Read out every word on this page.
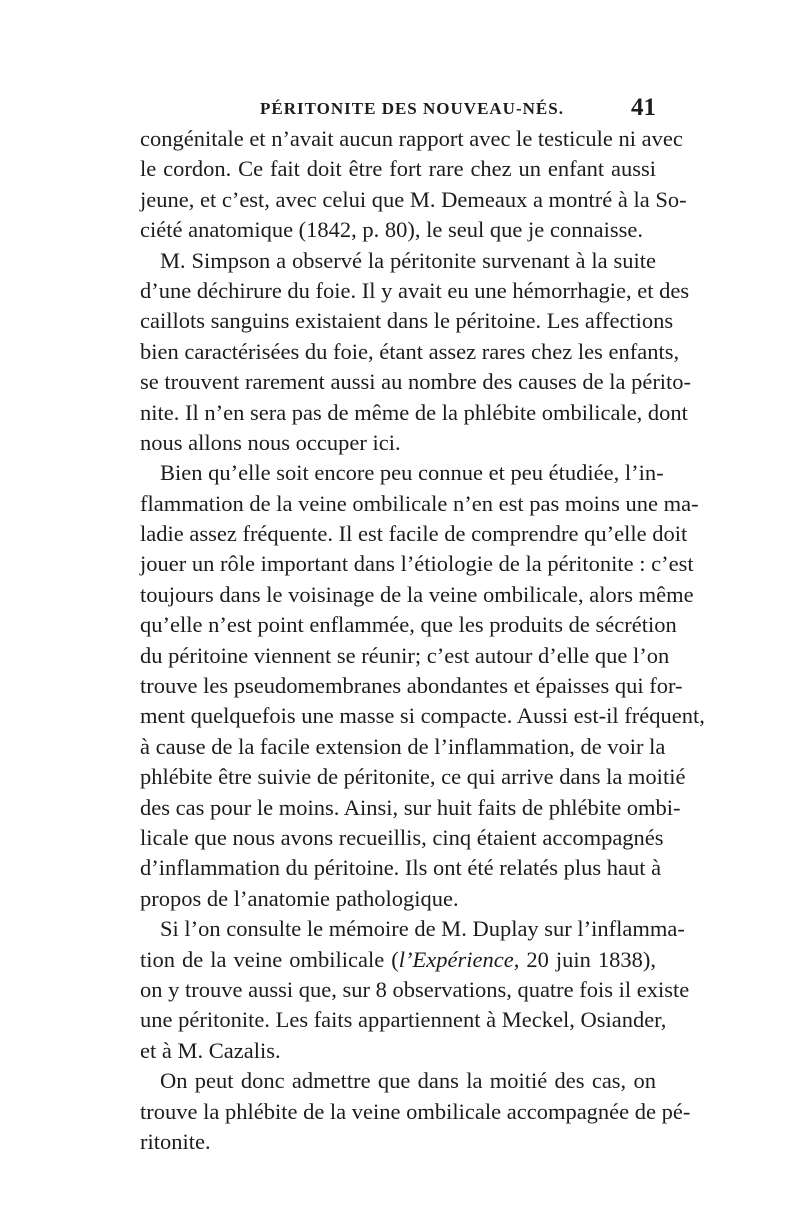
PÉRITONITE DES NOUVEAU-NÉS.	41
congénitale et n’avait aucun rapport avec le testicule ni avec
le cordon. Ce fait doit être fort rare chez un enfant aussi
jeune, et c’est, avec celui que M. Demeaux a montré à la So-
ciété anatomique (1842, p. 80), le seul que je connaisse.
M. Simpson a observé la péritonite survenant à la suite
d’une déchirure du foie. Il y avait eu une hémorrhagie, et des
caillots sanguins existaient dans le péritoine. Les affections
bien caractérisées du foie, étant assez rares chez les enfants,
se trouvent rarement aussi au nombre des causes de la périto-
nite. Il n’en sera pas de même de la phlébite ombilicale, dont
nous allons nous occuper ici.
Bien qu’elle soit encore peu connue et peu étudiée, l’in-
flammation de la veine ombilicale n’en est pas moins une ma-
ladie assez fréquente. Il est facile de comprendre qu’elle doit
jouer un rôle important dans l’étiologie de la péritonite : c’est
toujours dans le voisinage de la veine ombilicale, alors même
qu’elle n’est point enflammée, que les produits de sécrétion
du péritoine viennent se réunir; c’est autour d’elle que l’on
trouve les pseudomembranes abondantes et épaisses qui for-
ment quelquefois une masse si compacte. Aussi est-il fréquent,
à cause de la facile extension de l’inflammation, de voir la
phlébite être suivie de péritonite, ce qui arrive dans la moitié
des cas pour le moins. Ainsi, sur huit faits de phlébite ombi-
licale que nous avons recueillis, cinq étaient accompagnés
d’inflammation du péritoine. Ils ont été relatés plus haut à
propos de l’anatomie pathologique.
Si l’on consulte le mémoire de M. Duplay sur l’inflamma-
tion de la veine ombilicale (l’Expérience, 20 juin 1838),
on y trouve aussi que, sur 8 observations, quatre fois il existe
une péritonite. Les faits appartiennent à Meckel, Osiander,
et à M. Cazalis.
On peut donc admettre que dans la moitié des cas, on
trouve la phlébite de la veine ombilicale accompagnée de pé-
ritonite.
